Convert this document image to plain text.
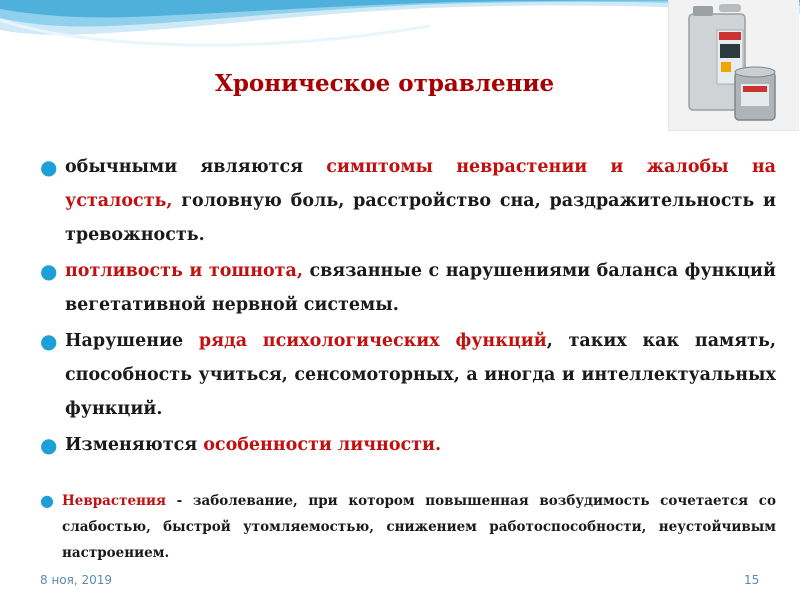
Хроническое отравление
● обычными являются симптомы неврастении и жалобы на усталость, головную боль, расстройство сна, раздражительность и тревожность.
● потливость и тошнота, связанные с нарушениями баланса функций вегетативной нервной системы.
● Нарушение ряда психологических функций, таких как память, способность учиться, сенсомоторных, а иногда и интеллектуальных функций.
● Изменяются особенности личности.
● Неврастения - заболевание, при котором повышенная возбудимость сочетается со слабостью, быстрой утомляемостью, снижением работоспособности, неустойчивым настроением.
8 ноя, 2019	15
